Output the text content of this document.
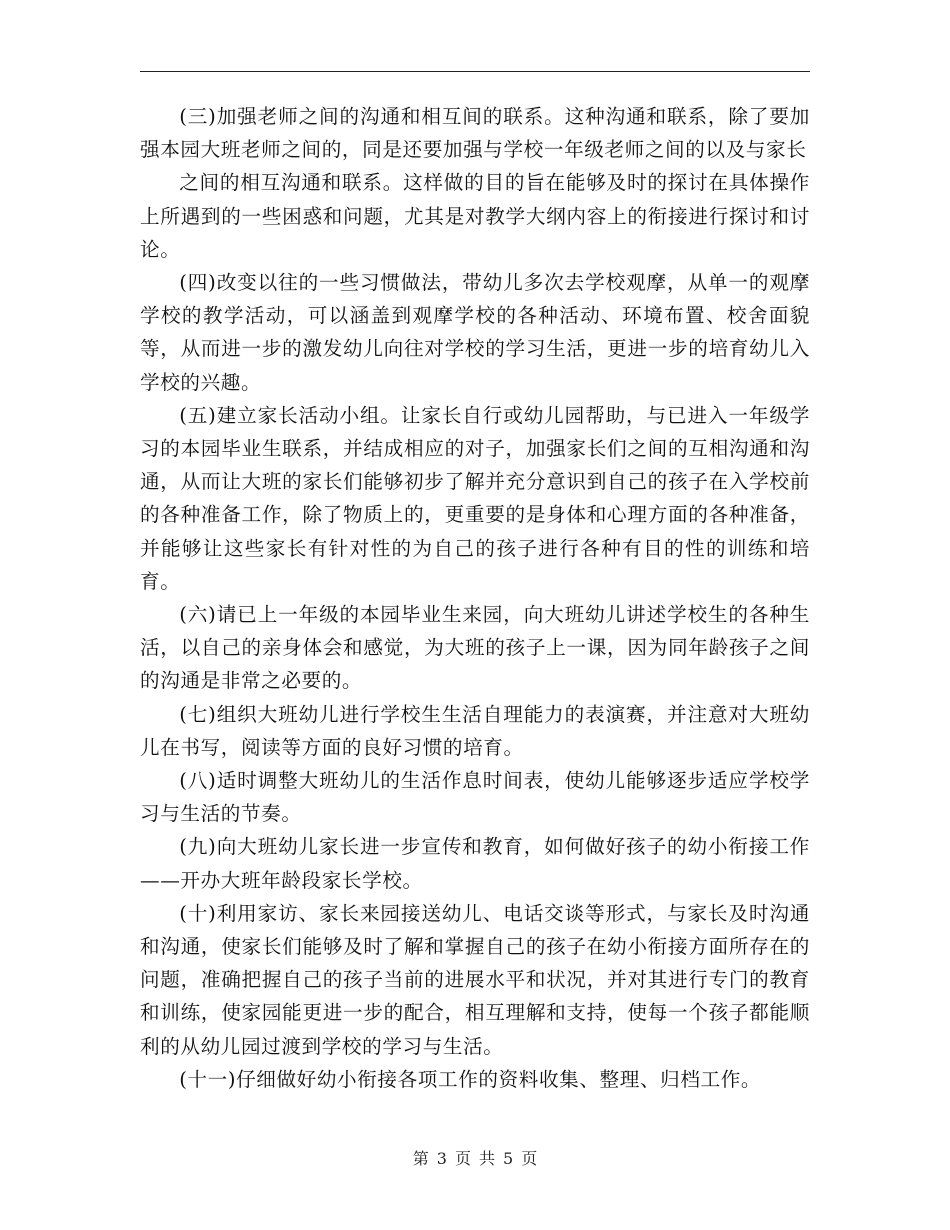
(三)加强老师之间的沟通和相互间的联系。这种沟通和联系，除了要加强本园大班老师之间的，同是还要加强与学校一年级老师之间的以及与家长

之间的相互沟通和联系。这样做的目的旨在能够及时的探讨在具体操作上所遇到的一些困惑和问题，尤其是对教学大纲内容上的衔接进行探讨和讨论。

(四)改变以往的一些习惯做法，带幼儿多次去学校观摩，从单一的观摩学校的教学活动，可以涵盖到观摩学校的各种活动、环境布置、校舍面貌等，从而进一步的激发幼儿向往对学校的学习生活，更进一步的培育幼儿入学校的兴趣。

(五)建立家长活动小组。让家长自行或幼儿园帮助，与已进入一年级学习的本园毕业生联系，并结成相应的对子，加强家长们之间的互相沟通和沟通，从而让大班的家长们能够初步了解并充分意识到自己的孩子在入学校前的各种准备工作，除了物质上的，更重要的是身体和心理方面的各种准备，并能够让这些家长有针对性的为自己的孩子进行各种有目的性的训练和培育。

(六)请已上一年级的本园毕业生来园，向大班幼儿讲述学校生的各种生活，以自己的亲身体会和感觉，为大班的孩子上一课，因为同年龄孩子之间的沟通是非常之必要的。

(七)组织大班幼儿进行学校生生活自理能力的表演赛，并注意对大班幼儿在书写，阅读等方面的良好习惯的培育。

(八)适时调整大班幼儿的生活作息时间表，使幼儿能够逐步适应学校学习与生活的节奏。

(九)向大班幼儿家长进一步宣传和教育，如何做好孩子的幼小衔接工作——开办大班年龄段家长学校。

(十)利用家访、家长来园接送幼儿、电话交谈等形式，与家长及时沟通和沟通，使家长们能够及时了解和掌握自己的孩子在幼小衔接方面所存在的问题，准确把握自己的孩子当前的进展水平和状况，并对其进行专门的教育和训练，使家园能更进一步的配合，相互理解和支持，使每一个孩子都能顺利的从幼儿园过渡到学校的学习与生活。

(十一)仔细做好幼小衔接各项工作的资料收集、整理、归档工作。

第 3 页 共 5 页
